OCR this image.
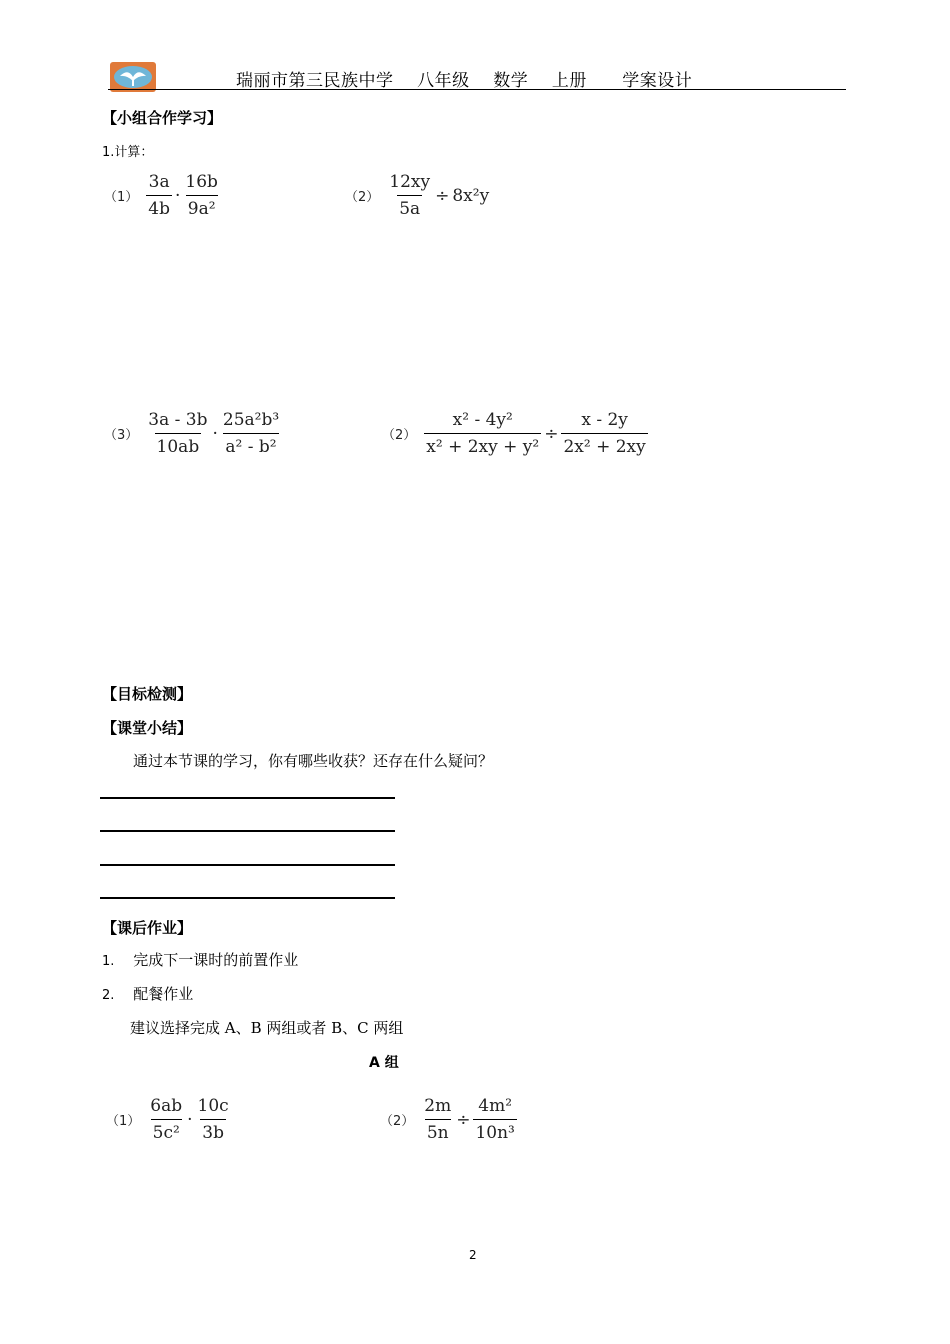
瑞丽市第三民族中学    八年级    数学    上册      学案设计
【小组合作学习】
1.计算：
$(1) \frac{3a}{4b} \cdot \frac{16b}{\text{9a²}}$	$(2) \frac{12xy}{5a} \div 8x^2y$
$(3) \frac{3a - 3b}{10ab} \cdot \frac{\text{25a²b³}}{\text{a² - b²}}$	$(2) \frac{\text{x² - 4y²}}{\text{x² + 2xy + y²}} \div \frac{x - 2y}{\text{2x² + 2xy}}$
【目标检测】
【课堂小结】
通过本节课的学习，你有哪些收获？还存在什么疑问？
【课后作业】
1. 完成下一课时的前置作业
2. 配餐作业
建议选择完成 A、B 两组或者 B、C 两组
A 组
$(1) \frac{6ab}{\text{5c²}} \cdot \frac{10c}{3b}$	$(2) \frac{2m}{5n} \div \frac{\text{4m²}}{\text{10n³}}$
2
